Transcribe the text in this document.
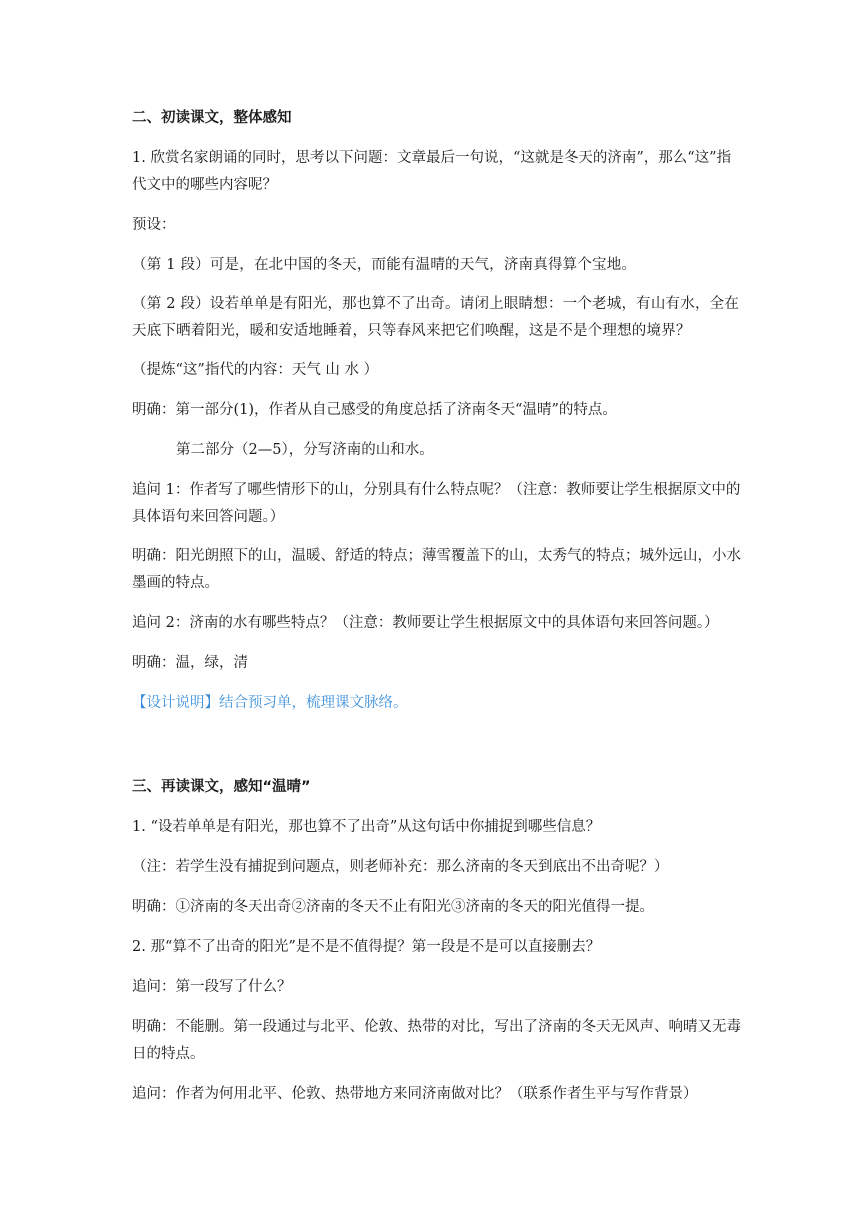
二、初读课文，整体感知
1. 欣赏名家朗诵的同时，思考以下问题：文章最后一句说，“这就是冬天的济南”，那么“这”指代文中的哪些内容呢？
预设：
（第 1 段）可是，在北中国的冬天，而能有温晴的天气，济南真得算个宝地。
（第 2 段）设若单单是有阳光，那也算不了出奇。请闭上眼睛想：一个老城，有山有水，全在天底下晒着阳光，暖和安适地睡着，只等春风来把它们唤醒，这是不是个理想的境界？
（提炼“这”指代的内容：天气 山 水 ）
明确：第一部分(1)，作者从自己感受的角度总括了济南冬天“温晴”的特点。
第二部分（2—5），分写济南的山和水。
追问 1：作者写了哪些情形下的山，分别具有什么特点呢？（注意：教师要让学生根据原文中的具体语句来回答问题。）
明确：阳光朗照下的山，温暖、舒适的特点；薄雪覆盖下的山，太秀气的特点；城外远山，小水墨画的特点。
追问 2：济南的水有哪些特点？（注意：教师要让学生根据原文中的具体语句来回答问题。）
明确：温，绿，清
【设计说明】结合预习单，梳理课文脉络。
三、再读课文，感知“温晴”
1. “设若单单是有阳光，那也算不了出奇”从这句话中你捕捉到哪些信息？
（注：若学生没有捕捉到问题点，则老师补充：那么济南的冬天到底出不出奇呢？）
明确：①济南的冬天出奇②济南的冬天不止有阳光③济南的冬天的阳光值得一提。
2. 那“算不了出奇的阳光”是不是不值得提？第一段是不是可以直接删去？
追问：第一段写了什么？
明确：不能删。第一段通过与北平、伦敦、热带的对比，写出了济南的冬天无风声、响晴又无毒日的特点。
追问：作者为何用北平、伦敦、热带地方来同济南做对比？（联系作者生平与写作背景）
